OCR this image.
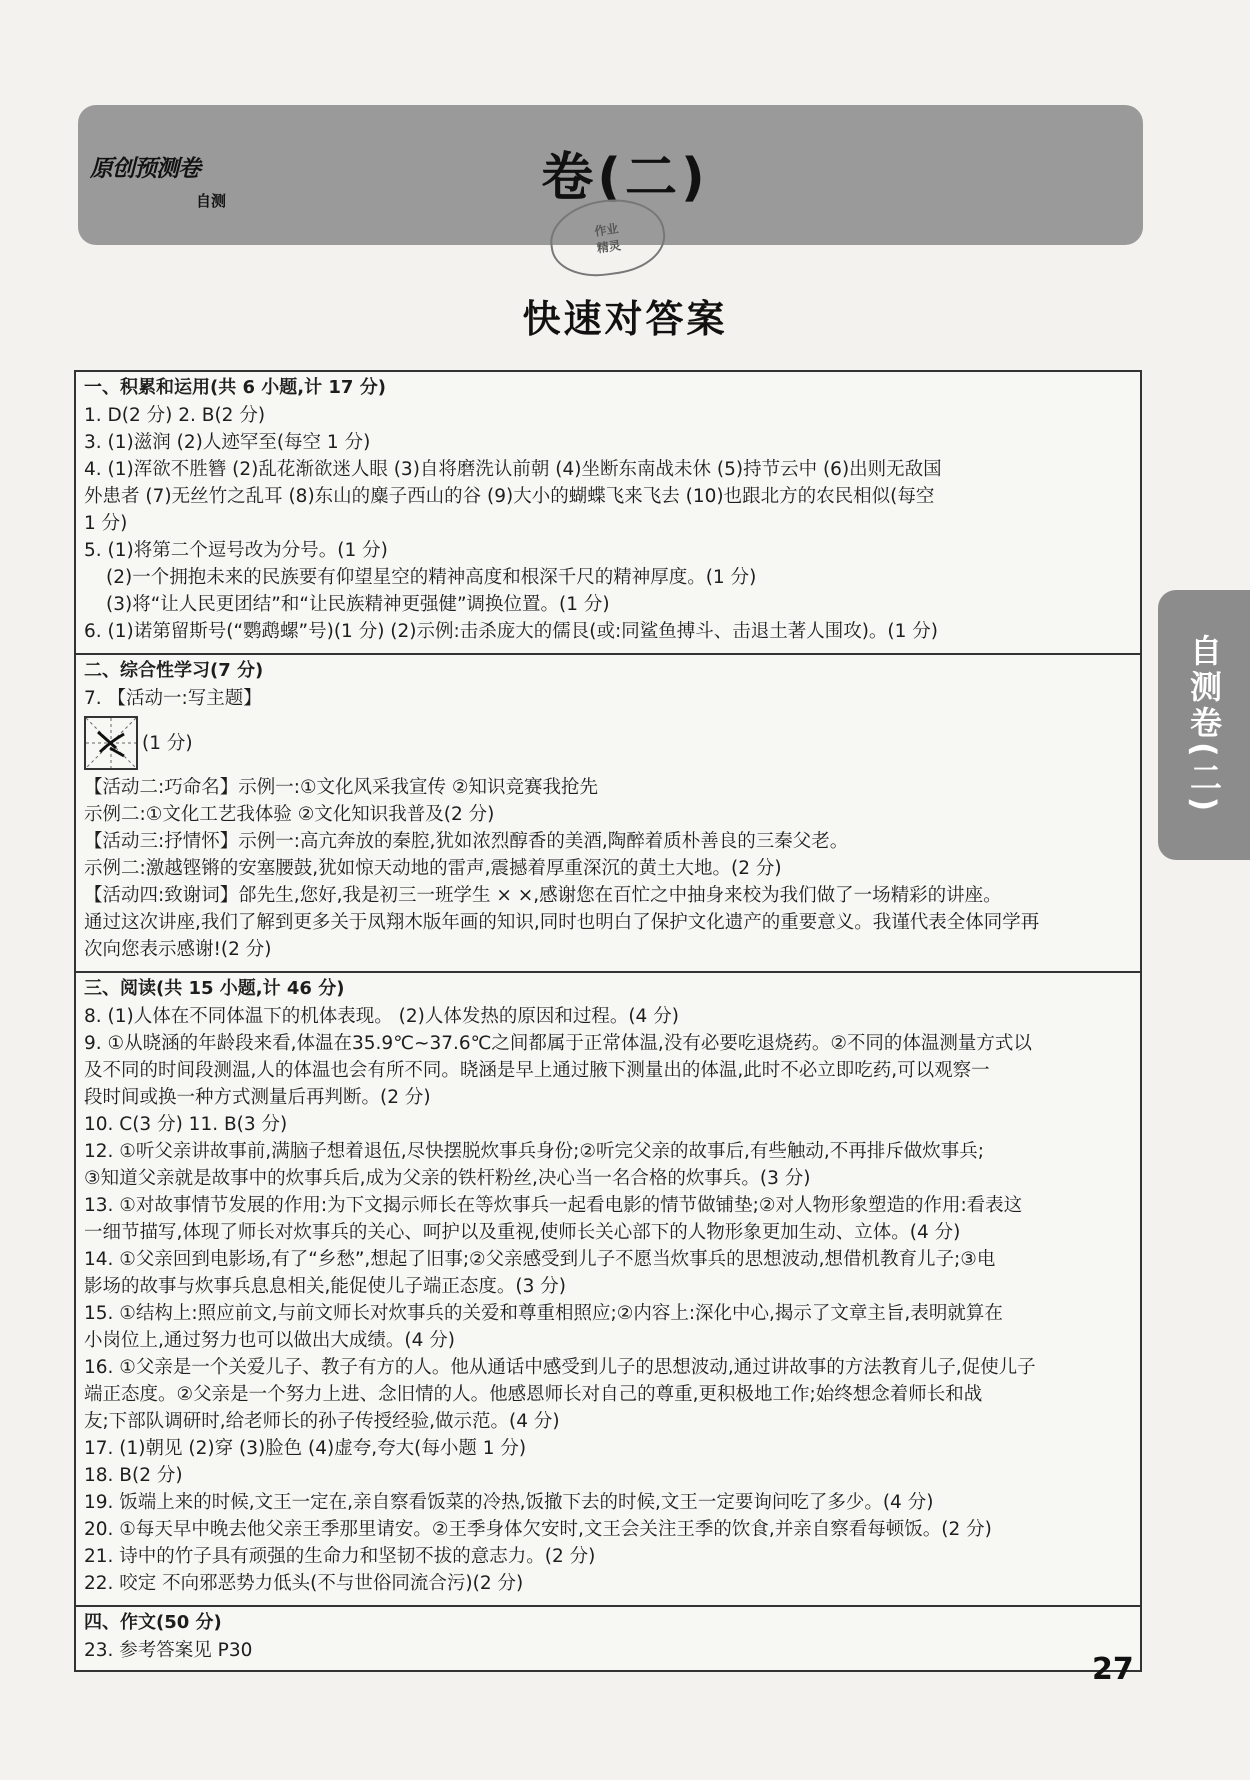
原创预测卷
自测	卷(二)
作业
精灵
快速对答案
自测卷(二)
一、积累和运用(共 6 小题,计 17 分)
1. D(2 分) 2. B(2 分)
3. (1)滋润 (2)人迹罕至(每空 1 分)
4. (1)浑欲不胜簪 (2)乱花渐欲迷人眼 (3)自将磨洗认前朝 (4)坐断东南战未休 (5)持节云中 (6)出则无敌国
外患者 (7)无丝竹之乱耳 (8)东山的麋子西山的谷 (9)大小的蝴蝶飞来飞去 (10)也跟北方的农民相似(每空
1 分)
5. (1)将第二个逗号改为分号。(1 分)
(2)一个拥抱未来的民族要有仰望星空的精神高度和根深千尺的精神厚度。(1 分)
(3)将“让人民更团结”和“让民族精神更强健”调换位置。(1 分)
6. (1)诺第留斯号(“鹦鹉螺”号)(1 分) (2)示例:击杀庞大的儒艮(或:同鲨鱼搏斗、击退土著人围攻)。(1 分)
二、综合性学习(7 分)
7. 【活动一:写主题】
(1 分)
【活动二:巧命名】示例一:①文化风采我宣传 ②知识竞赛我抢先
示例二:①文化工艺我体验 ②文化知识我普及(2 分)
【活动三:抒情怀】示例一:高亢奔放的秦腔,犹如浓烈醇香的美酒,陶醉着质朴善良的三秦父老。
示例二:激越铿锵的安塞腰鼓,犹如惊天动地的雷声,震撼着厚重深沉的黄土大地。(2 分)
【活动四:致谢词】郃先生,您好,我是初三一班学生 × ×,感谢您在百忙之中抽身来校为我们做了一场精彩的讲座。
通过这次讲座,我们了解到更多关于凤翔木版年画的知识,同时也明白了保护文化遗产的重要意义。我谨代表全体同学再
次向您表示感谢!(2 分)
三、阅读(共 15 小题,计 46 分)
8. (1)人体在不同体温下的机体表现。 (2)人体发热的原因和过程。(4 分)
9. ①从晓涵的年龄段来看,体温在35.9℃~37.6℃之间都属于正常体温,没有必要吃退烧药。②不同的体温测量方式以
及不同的时间段测温,人的体温也会有所不同。晓涵是早上通过腋下测量出的体温,此时不必立即吃药,可以观察一
段时间或换一种方式测量后再判断。(2 分)
10. C(3 分) 11. B(3 分)
12. ①听父亲讲故事前,满脑子想着退伍,尽快摆脱炊事兵身份;②听完父亲的故事后,有些触动,不再排斥做炊事兵;
③知道父亲就是故事中的炊事兵后,成为父亲的铁杆粉丝,决心当一名合格的炊事兵。(3 分)
13. ①对故事情节发展的作用:为下文揭示师长在等炊事兵一起看电影的情节做铺垫;②对人物形象塑造的作用:看表这
一细节描写,体现了师长对炊事兵的关心、呵护以及重视,使师长关心部下的人物形象更加生动、立体。(4 分)
14. ①父亲回到电影场,有了“乡愁”,想起了旧事;②父亲感受到儿子不愿当炊事兵的思想波动,想借机教育儿子;③电
影场的故事与炊事兵息息相关,能促使儿子端正态度。(3 分)
15. ①结构上:照应前文,与前文师长对炊事兵的关爱和尊重相照应;②内容上:深化中心,揭示了文章主旨,表明就算在
小岗位上,通过努力也可以做出大成绩。(4 分)
16. ①父亲是一个关爱儿子、教子有方的人。他从通话中感受到儿子的思想波动,通过讲故事的方法教育儿子,促使儿子
端正态度。②父亲是一个努力上进、念旧情的人。他感恩师长对自己的尊重,更积极地工作;始终想念着师长和战
友;下部队调研时,给老师长的孙子传授经验,做示范。(4 分)
17. (1)朝见 (2)穿 (3)脸色 (4)虚夸,夸大(每小题 1 分)
18. B(2 分)
19. 饭端上来的时候,文王一定在,亲自察看饭菜的冷热,饭撤下去的时候,文王一定要询问吃了多少。(4 分)
20. ①每天早中晚去他父亲王季那里请安。②王季身体欠安时,文王会关注王季的饮食,并亲自察看每顿饭。(2 分)
21. 诗中的竹子具有顽强的生命力和坚韧不拔的意志力。(2 分)
22. 咬定 不向邪恶势力低头(不与世俗同流合污)(2 分)
四、作文(50 分)
23. 参考答案见 P30
27
